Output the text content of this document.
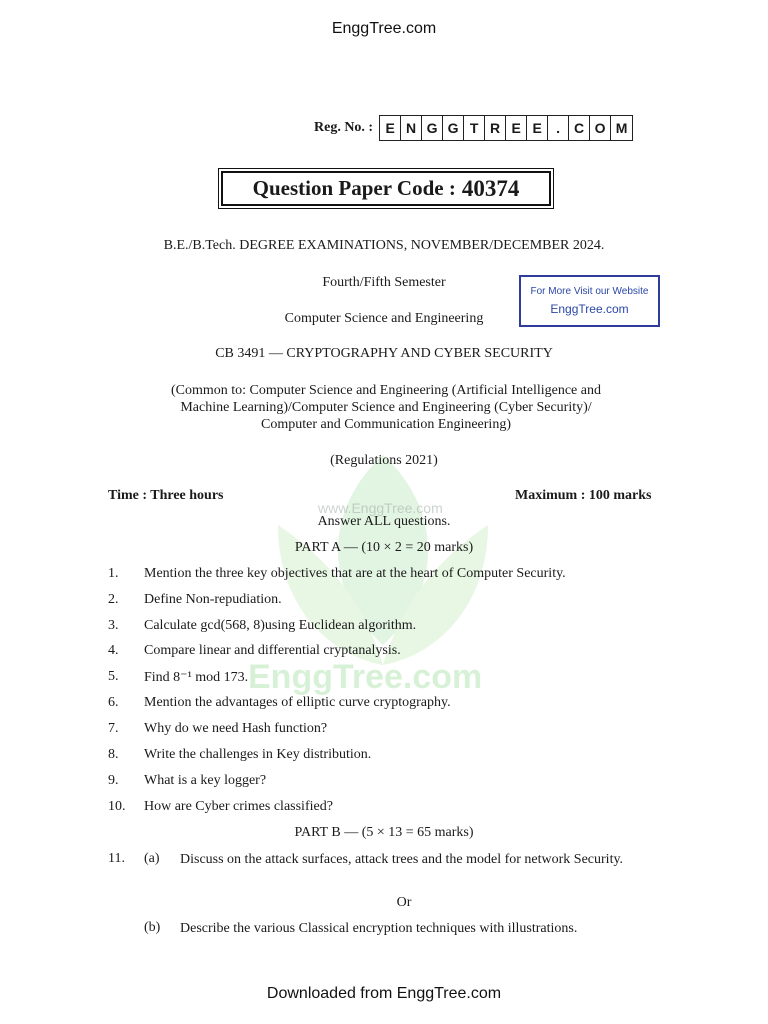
www.EnggTree.com
EnggTree.com
EnggTree.com
Reg. No. : E N G G T R E E	.	C O M
Question Paper Code : 40374
B.E./B.Tech. DEGREE EXAMINATIONS, NOVEMBER/DECEMBER 2024.
Fourth/Fifth Semester
Computer Science and Engineering
CB 3491 — CRYPTOGRAPHY AND CYBER SECURITY
For More Visit our Website
EnggTree.com
(Common to: Computer Science and Engineering (Artificial Intelligence and
Machine Learning)/Computer Science and Engineering (Cyber Security)/
Computer and Communication Engineering)
(Regulations 2021)
Time : Three hours	Maximum : 100 marks
Answer ALL questions.
PART A — (10 × 2 = 20 marks)
1.	Mention the three key objectives that are at the heart of Computer Security.
2.	Define Non-repudiation.
3.	Calculate gcd(568, 8)using Euclidean algorithm.
4.	Compare linear and differential cryptanalysis.
5.	Find 8⁻¹ mod 173.
6.	Mention the advantages of elliptic curve cryptography.
7.	Why do we need Hash function?
8.	Write the challenges in Key distribution.
9.	What is a key logger?
10.	How are Cyber crimes classified?
PART B — (5 × 13 = 65 marks)
11.	(a)	Discuss on the attack surfaces, attack trees and the model for network Security.
Or
(b)	Describe the various Classical encryption techniques with illustrations.
Downloaded from EnggTree.com
